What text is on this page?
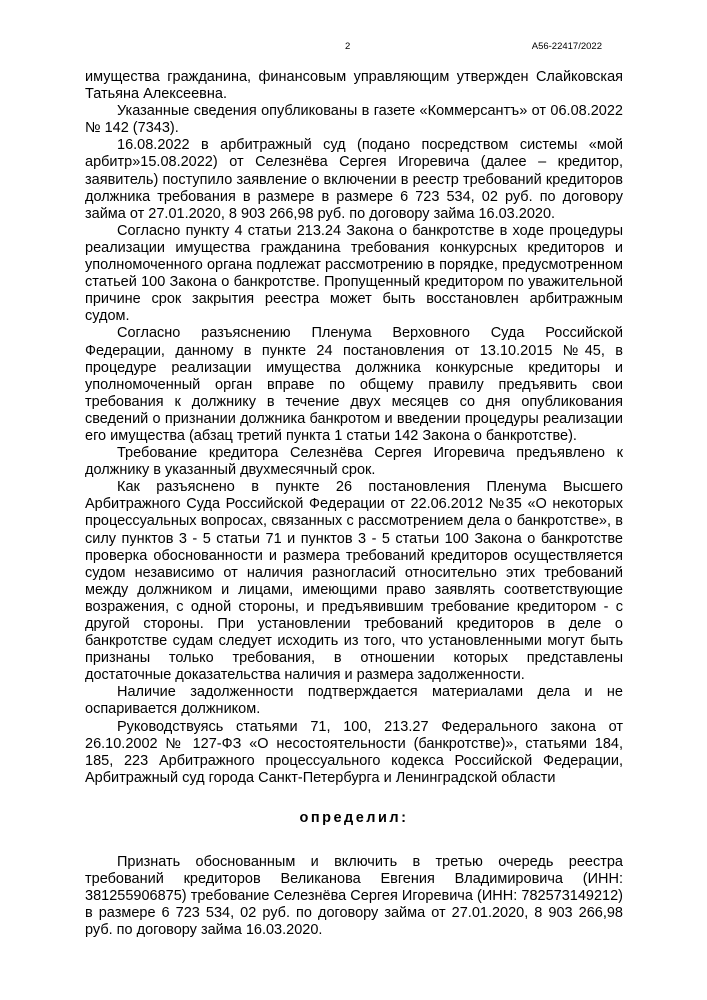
2	А56-22417/2022

имущества гражданина, финансовым управляющим утвержден Слайковская Татьяна Алексеевна.

Указанные сведения опубликованы в газете «Коммерсантъ» от 06.08.2022 № 142 (7343).

16.08.2022 в арбитражный суд (подано посредством системы «мой арбитр»15.08.2022) от Селезнёва Сергея Игоревича (далее – кредитор, заявитель) поступило заявление о включении в реестр требований кредиторов должника требования в размере в размере 6 723 534, 02 руб. по договору займа от 27.01.2020, 8 903 266,98 руб. по договору займа 16.03.2020.

Согласно пункту 4 статьи 213.24 Закона о банкротстве в ходе процедуры реализации имущества гражданина требования конкурсных кредиторов и уполномоченного органа подлежат рассмотрению в порядке, предусмотренном статьей 100 Закона о банкротстве. Пропущенный кредитором по уважительной причине срок закрытия реестра может быть восстановлен арбитражным судом.

Согласно разъяснению Пленума Верховного Суда Российской Федерации, данному в пункте 24 постановления от 13.10.2015 №45, в процедуре реализации имущества должника конкурсные кредиторы и уполномоченный орган вправе по общему правилу предъявить свои требования к должнику в течение двух месяцев со дня опубликования сведений о признании должника банкротом и введении процедуры реализации его имущества (абзац третий пункта 1 статьи 142 Закона о банкротстве).

Требование кредитора Селезнёва Сергея Игоревича предъявлено к должнику в указанный двухмесячный срок.

Как разъяснено в пункте 26 постановления Пленума Высшего Арбитражного Суда Российской Федерации от 22.06.2012 №35 «О некоторых процессуальных вопросах, связанных с рассмотрением дела о банкротстве», в силу пунктов 3 - 5 статьи 71 и пунктов 3 - 5 статьи 100 Закона о банкротстве проверка обоснованности и размера требований кредиторов осуществляется судом независимо от наличия разногласий относительно этих требований между должником и лицами, имеющими право заявлять соответствующие возражения, с одной стороны, и предъявившим требование кредитором - с другой стороны. При установлении требований кредиторов в деле о банкротстве судам следует исходить из того, что установленными могут быть признаны только требования, в отношении которых представлены достаточные доказательства наличия и размера задолженности.

Наличие задолженности подтверждается материалами дела и не оспаривается должником.

Руководствуясь статьями 71, 100, 213.27 Федерального закона от 26.10.2002 № 127-ФЗ «О несостоятельности (банкротстве)», статьями 184, 185, 223 Арбитражного процессуального кодекса Российской Федерации, Арбитражный суд города Санкт-Петербурга и Ленинградской области

определил:

Признать обоснованным и включить в третью очередь реестра требований кредиторов Великанова Евгения Владимировича (ИНН: 381255906875) требование Селезнёва Сергея Игоревича (ИНН: 782573149212) в размере 6 723 534, 02 руб. по договору займа от 27.01.2020, 8 903 266,98 руб. по договору займа 16.03.2020.
